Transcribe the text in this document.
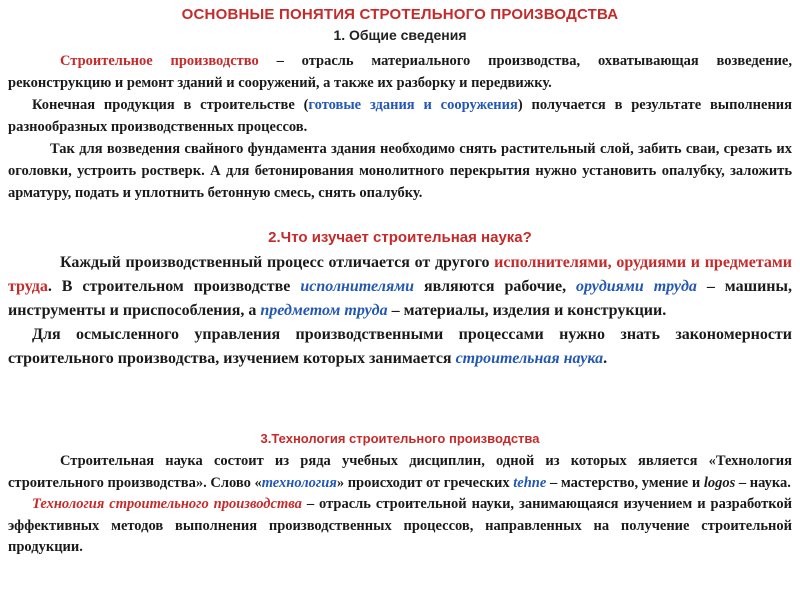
ОСНОВНЫЕ ПОНЯТИЯ СТРОТЕЛЬНОГО ПРОИЗВОДСТВА
1. Общие сведения

Строительное производство – отрасль материального производства, охватывающая возведение, реконструкцию и ремонт зданий и сооружений, а также их разборку и передвижку.

Конечная продукция в строительстве (готовые здания и сооружения) получается в результате выполнения разнообразных производственных процессов.

Так для возведения свайного фундамента здания необходимо снять растительный слой, забить сваи, срезать их оголовки, устроить ростверк. А для бетонирования монолитного перекрытия нужно установить опалубку, заложить арматуру, подать и уплотнить бетонную смесь, снять опалубку.

2.Что изучает строительная наука?

Каждый производственный процесс отличается от другого исполнителями, орудиями и предметами труда. В строительном производстве исполнителями являются рабочие, орудиями труда – машины, инструменты и приспособления, а предметом труда – материалы, изделия и конструкции.

Для осмысленного управления производственными процессами нужно знать закономерности строительного производства, изучением которых занимается строительная наука.

3.Технология строительного производства

Строительная наука состоит из ряда учебных дисциплин, одной из которых является «Технология строительного производства». Слово «технология» происходит от греческих tehne – мастерство, умение и logos – наука.

Технология строительного производства – отрасль строительной науки, занимающаяся изучением и разработкой эффективных методов выполнения производственных процессов, направленных на получение строительной продукции.
